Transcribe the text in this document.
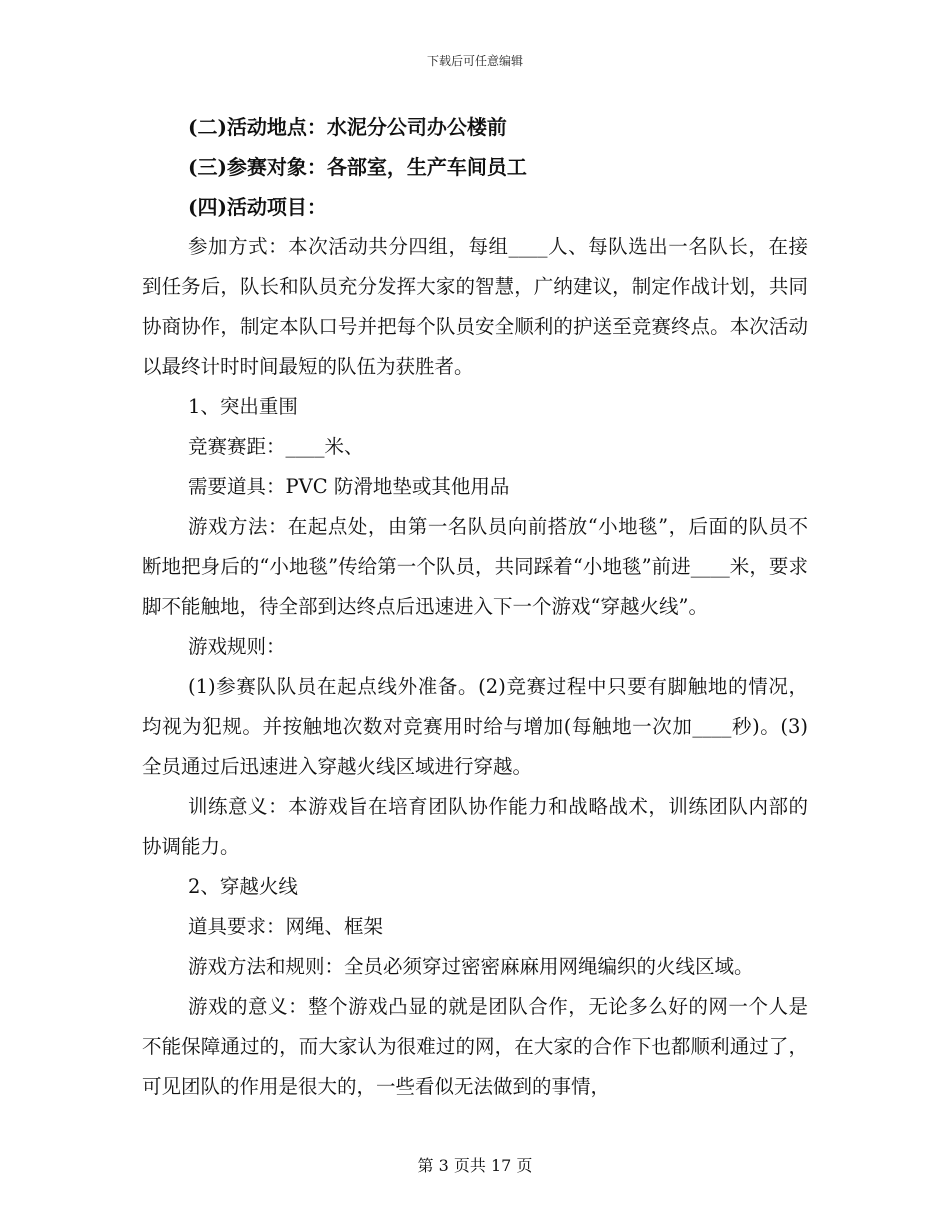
下载后可任意编辑

(二)活动地点：水泥分公司办公楼前

(三)参赛对象：各部室，生产车间员工

(四)活动项目：

参加方式：本次活动共分四组，每组____人、每队选出一名队长，在接到任务后，队长和队员充分发挥大家的智慧，广纳建议，制定作战计划，共同协商协作，制定本队口号并把每个队员安全顺利的护送至竞赛终点。本次活动以最终计时时间最短的队伍为获胜者。

1、突出重围

竞赛赛距：____米、

需要道具：PVC 防滑地垫或其他用品

游戏方法：在起点处，由第一名队员向前搭放“小地毯”，后面的队员不断地把身后的“小地毯”传给第一个队员，共同踩着“小地毯”前进____米，要求脚不能触地，待全部到达终点后迅速进入下一个游戏“穿越火线”。

游戏规则：

(1)参赛队队员在起点线外准备。(2)竞赛过程中只要有脚触地的情况，均视为犯规。并按触地次数对竞赛用时给与增加(每触地一次加____秒)。(3)全员通过后迅速进入穿越火线区域进行穿越。

训练意义：本游戏旨在培育团队协作能力和战略战术，训练团队内部的协调能力。

2、穿越火线

道具要求：网绳、框架

游戏方法和规则：全员必须穿过密密麻麻用网绳编织的火线区域。

游戏的意义：整个游戏凸显的就是团队合作，无论多么好的网一个人是不能保障通过的，而大家认为很难过的网，在大家的合作下也都顺利通过了，可见团队的作用是很大的，一些看似无法做到的事情，

第 3 页共 17 页
